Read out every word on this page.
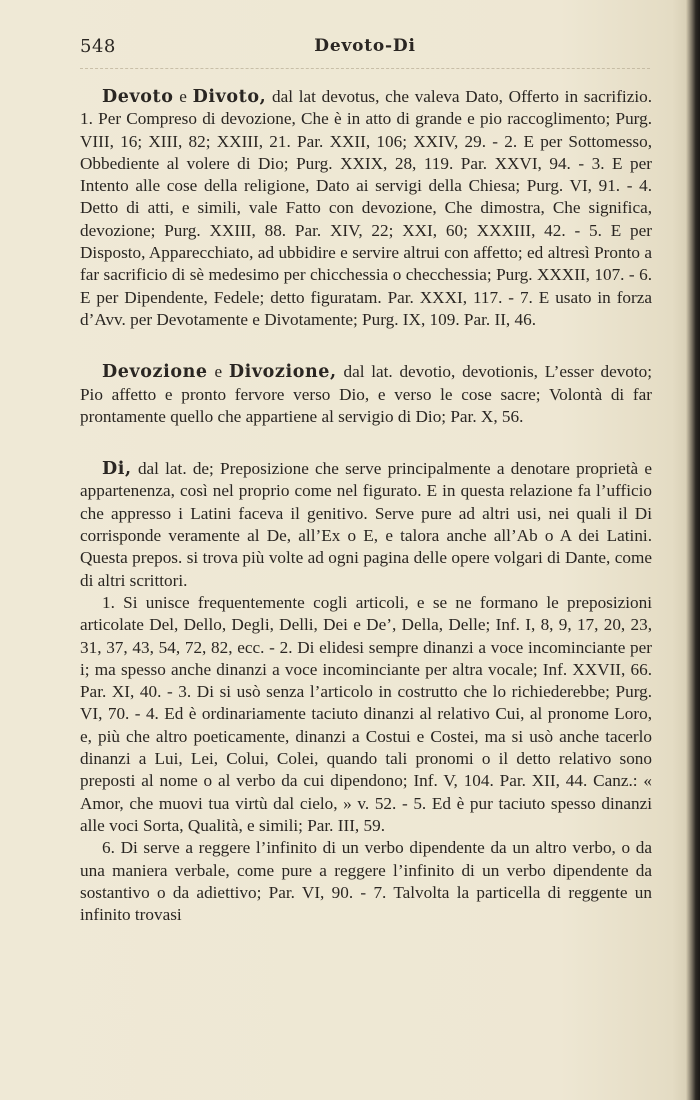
548	Devoto-Di

Devoto e Divoto, dal lat devotus, che valeva Dato, Offerto in sacrifizio. 1. Per Compreso di devozione, Che è in atto di grande e pio raccoglimento; Purg. VIII, 16; XIII, 82; XXIII, 21. Par. XXII, 106; XXIV, 29. - 2. E per Sottomesso, Obbediente al volere di Dio; Purg. XXIX, 28, 119. Par. XXVI, 94. - 3. E per Intento alle cose della religione, Dato ai servigi della Chiesa; Purg. VI, 91. - 4. Detto di atti, e simili, vale Fatto con devozione, Che dimostra, Che significa, devozione; Purg. XXIII, 88. Par. XIV, 22; XXI, 60; XXXIII, 42. - 5. E per Disposto, Apparecchiato, ad ubbidire e servire altrui con affetto; ed altresì Pronto a far sacrificio di sè medesimo per chicchessia o checchessia; Purg. XXXII, 107. - 6. E per Dipendente, Fedele; detto figuratam. Par. XXXI, 117. - 7. E usato in forza d’Avv. per Devotamente e Divotamente; Purg. IX, 109. Par. II, 46.

Devozione e Divozione, dal lat. devotio, devotionis, L’esser devoto; Pio affetto e pronto fervore verso Dio, e verso le cose sacre; Volontà di far prontamente quello che appartiene al servigio di Dio; Par. X, 56.

Di, dal lat. de; Preposizione che serve principalmente a denotare proprietà e appartenenza, così nel proprio come nel figurato. E in questa relazione fa l’ufficio che appresso i Latini faceva il genitivo. Serve pure ad altri usi, nei quali il Di corrisponde veramente al De, all’Ex o E, e talora anche all’Ab o A dei Latini. Questa prepos. si trova più volte ad ogni pagina delle opere volgari di Dante, come di altri scrittori.

1. Si unisce frequentemente cogli articoli, e se ne formano le preposizioni articolate Del, Dello, Degli, Delli, Dei e De’, Della, Delle; Inf. I, 8, 9, 17, 20, 23, 31, 37, 43, 54, 72, 82, ecc. - 2. Di elidesi sempre dinanzi a voce incominciante per i; ma spesso anche dinanzi a voce incominciante per altra vocale; Inf. XXVII, 66. Par. XI, 40. - 3. Di si usò senza l’articolo in costrutto che lo richiederebbe; Purg. VI, 70. - 4. Ed è ordinariamente taciuto dinanzi al relativo Cui, al pronome Loro, e, più che altro poeticamente, dinanzi a Costui e Costei, ma si usò anche tacerlo dinanzi a Lui, Lei, Colui, Colei, quando tali pronomi o il detto relativo sono preposti al nome o al verbo da cui dipendono; Inf. V, 104. Par. XII, 44. Canz.: « Amor, che muovi tua virtù dal cielo, » v. 52. - 5. Ed è pur taciuto spesso dinanzi alle voci Sorta, Qualità, e simili; Par. III, 59.

6. Di serve a reggere l’infinito di un verbo dipendente da un altro verbo, o da una maniera verbale, come pure a reggere l’infinito di un verbo dipendente da sostantivo o da adiettivo; Par. VI, 90. - 7. Talvolta la particella di reggente un infinito trovasi
